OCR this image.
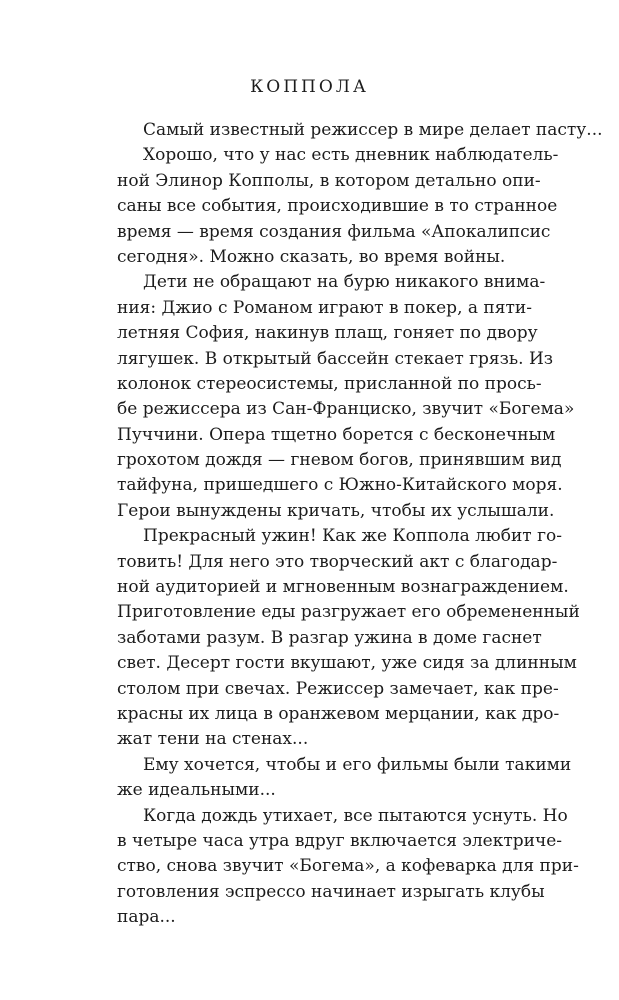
КОППОЛА
Самый известный режиссер в мире делает пасту...
Хорошо, что у нас есть дневник наблюдатель-
ной Элинор Копполы, в котором детально опи-
саны все события, происходившие в то странное
время — время создания фильма «Апокалипсис
сегодня». Можно сказать, во время войны.
Дети не обращают на бурю никакого внима-
ния: Джио с Романом играют в покер, а пяти-
летняя София, накинув плащ, гоняет по двору
лягушек. В открытый бассейн стекает грязь. Из
колонок стереосистемы, присланной по прось-
бе режиссера из Сан-Франциско, звучит «Богема»
Пуччини. Опера тщетно борется с бесконечным
грохотом дождя — гневом богов, принявшим вид
тайфуна, пришедшего с Южно-Китайского моря.
Герои вынуждены кричать, чтобы их услышали.
Прекрасный ужин! Как же Коппола любит го-
товить! Для него это творческий акт с благодар-
ной аудиторией и мгновенным вознаграждением.
Приготовление еды разгружает его обремененный
заботами разум. В разгар ужина в доме гаснет
свет. Десерт гости вкушают, уже сидя за длинным
столом при свечах. Режиссер замечает, как пре-
красны их лица в оранжевом мерцании, как дро-
жат тени на стенах...
Ему хочется, чтобы и его фильмы были такими
же идеальными...
Когда дождь утихает, все пытаются уснуть. Но
в четыре часа утра вдруг включается электриче-
ство, снова звучит «Богема», а кофеварка для при-
готовления эспрессо начинает изрыгать клубы
пара...
